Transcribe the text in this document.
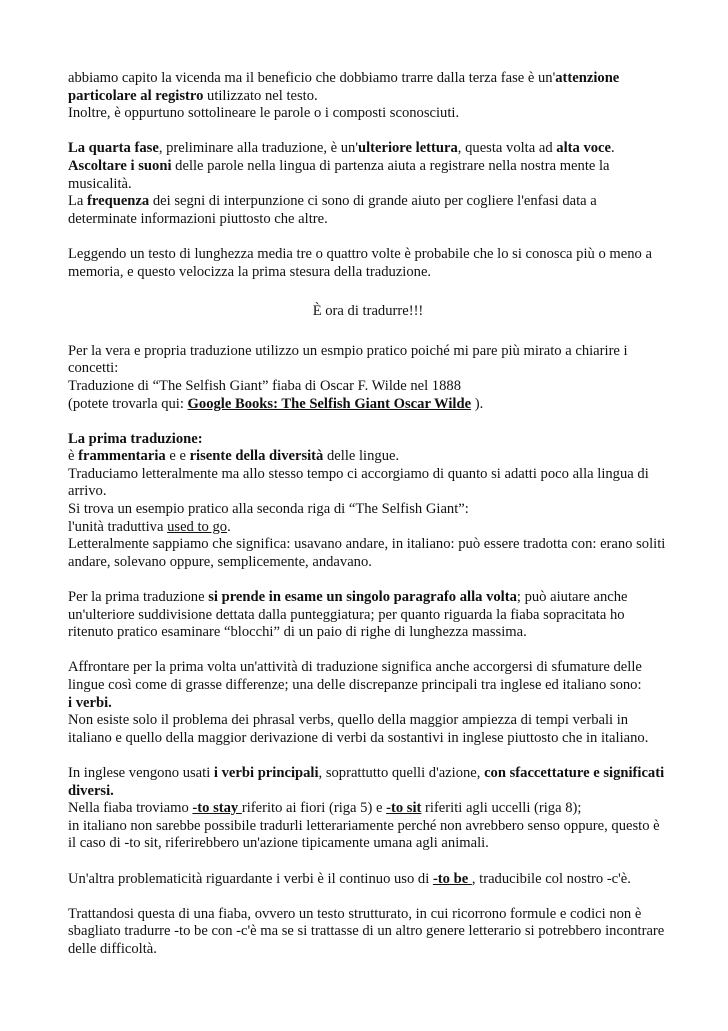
abbiamo capito la vicenda ma il beneficio che dobbiamo trarre dalla terza fase è un'attenzione particolare al registro utilizzato nel testo.
Inoltre, è oppurtuno sottolineare le parole o i composti sconosciuti.

La quarta fase, preliminare alla traduzione, è un'ulteriore lettura, questa volta ad alta voce.
Ascoltare i suoni delle parole nella lingua di partenza aiuta a registrare nella nostra mente la musicalità.
La frequenza dei segni di interpunzione ci sono di grande aiuto per cogliere l'enfasi data a determinate informazioni piuttosto che altre.

Leggendo un testo di lunghezza media tre o quattro volte è probabile che lo si conosca più o meno a memoria, e questo velocizza la prima stesura della traduzione.

È ora di tradurre!!!

Per la vera e propria traduzione utilizzo un esmpio pratico poiché mi pare più mirato a chiarire i concetti:
Traduzione di “The Selfish Giant” fiaba di Oscar F. Wilde nel 1888
(potete trovarla qui: Google Books: The Selfish Giant Oscar Wilde ).

La prima traduzione:
è frammentaria e e risente della diversità delle lingue.
Traduciamo letteralmente ma allo stesso tempo ci accorgiamo di quanto si adatti poco alla lingua di arrivo.
Si trova un esempio pratico alla seconda riga di “The Selfish Giant”:
l'unità traduttiva used to go.
Letteralmente sappiamo che significa: usavano andare, in italiano: può essere tradotta con: erano soliti andare, solevano oppure, semplicemente, andavano.

Per la prima traduzione si prende in esame un singolo paragrafo alla volta; può aiutare anche un'ulteriore suddivisione dettata dalla punteggiatura; per quanto riguarda la fiaba sopracitata ho ritenuto pratico esaminare “blocchi” di un paio di righe di lunghezza massima.

Affrontare per la prima volta un'attività di traduzione significa anche accorgersi di sfumature delle lingue così come di grasse differenze; una delle discrepanze principali tra inglese ed italiano sono:
i verbi.
Non esiste solo il problema dei phrasal verbs, quello della maggior ampiezza di tempi verbali in italiano e quello della maggior derivazione di verbi da sostantivi in inglese piuttosto che in italiano.

In inglese vengono usati i verbi principali, soprattutto quelli d'azione, con sfaccettature e significati diversi.
Nella fiaba troviamo -to stay riferito ai fiori (riga 5) e -to sit riferiti agli uccelli (riga 8);
in italiano non sarebbe possibile tradurli letterariamente perché non avrebbero senso oppure, questo è il caso di -to sit, riferirebbero un'azione tipicamente umana agli animali.

Un'altra problematicità riguardante i verbi è il continuo uso di -to be , traducibile col nostro -c'è.

Trattandosi questa di una fiaba, ovvero un testo strutturato, in cui ricorrono formule e codici non è sbagliato tradurre -to be con -c'è ma se si trattasse di un altro genere letterario si potrebbero incontrare delle difficoltà.
